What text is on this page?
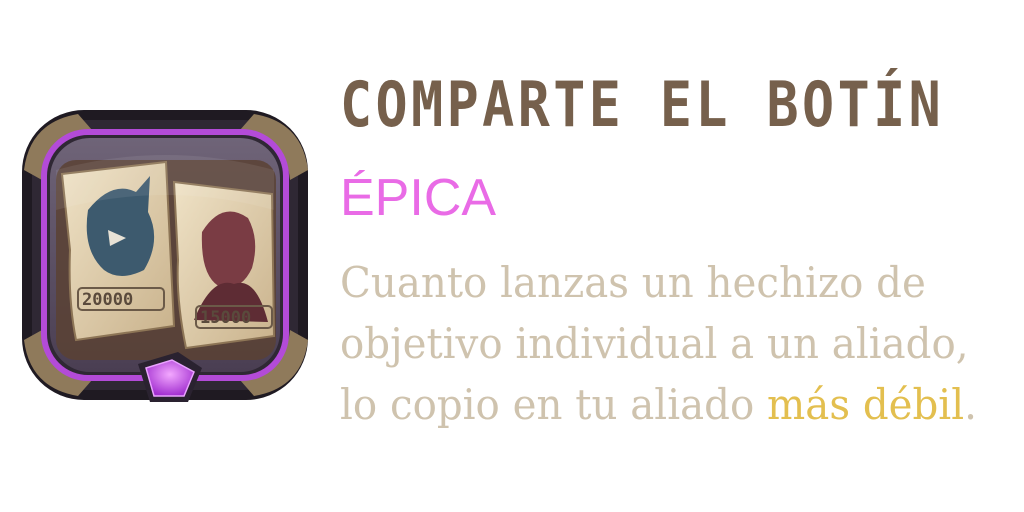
20000
15000
COMPARTE EL BOTÍN
ÉPICA
Cuanto lanzas un hechizo de
objetivo individual a un aliado,
lo copio en tu aliado más débil.
